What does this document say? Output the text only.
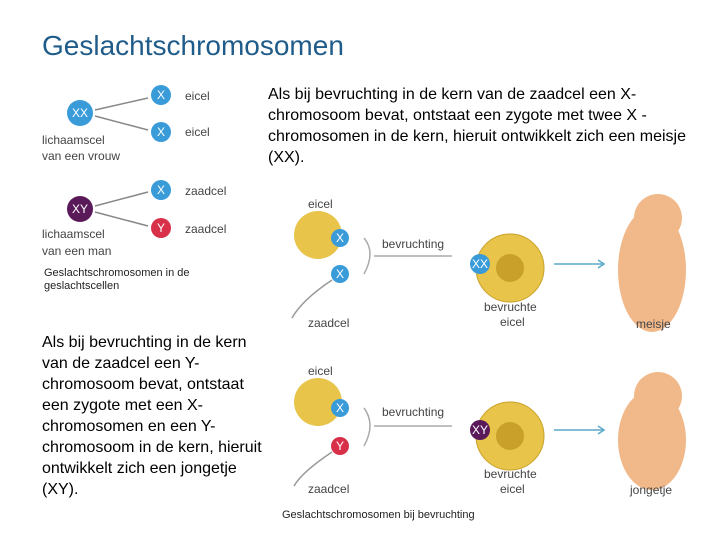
Geslachtschromosomen
Als bij bevruchting in de kern van de zaadcel een X-chromosoom bevat, ontstaat een zygote met twee X -chromosomen in de kern, hieruit ontwikkelt zich een meisje (XX).
Als bij bevruchting in de kern van de zaadcel een Y-chromosoom bevat, ontstaat een zygote met een X-chromosomen en een Y-chromosoom in de kern, hieruit ontwikkelt zich een jongetje (XY).
XX
lichaamscel
van een vrouw
X eicel
X eicel
XY
lichaamscel
van een man
X zaadcel
Y zaadcel
Geslachtschromosomen in de geslachtscellen
eicel
X
X
zaadcel
bevruchting
XX
bevruchte
eicel	meisje
eicel
X
Y
zaadcel
bevruchting
XY
bevruchte
eicel	jongetje
Geslachtschromosomen bij bevruchting
